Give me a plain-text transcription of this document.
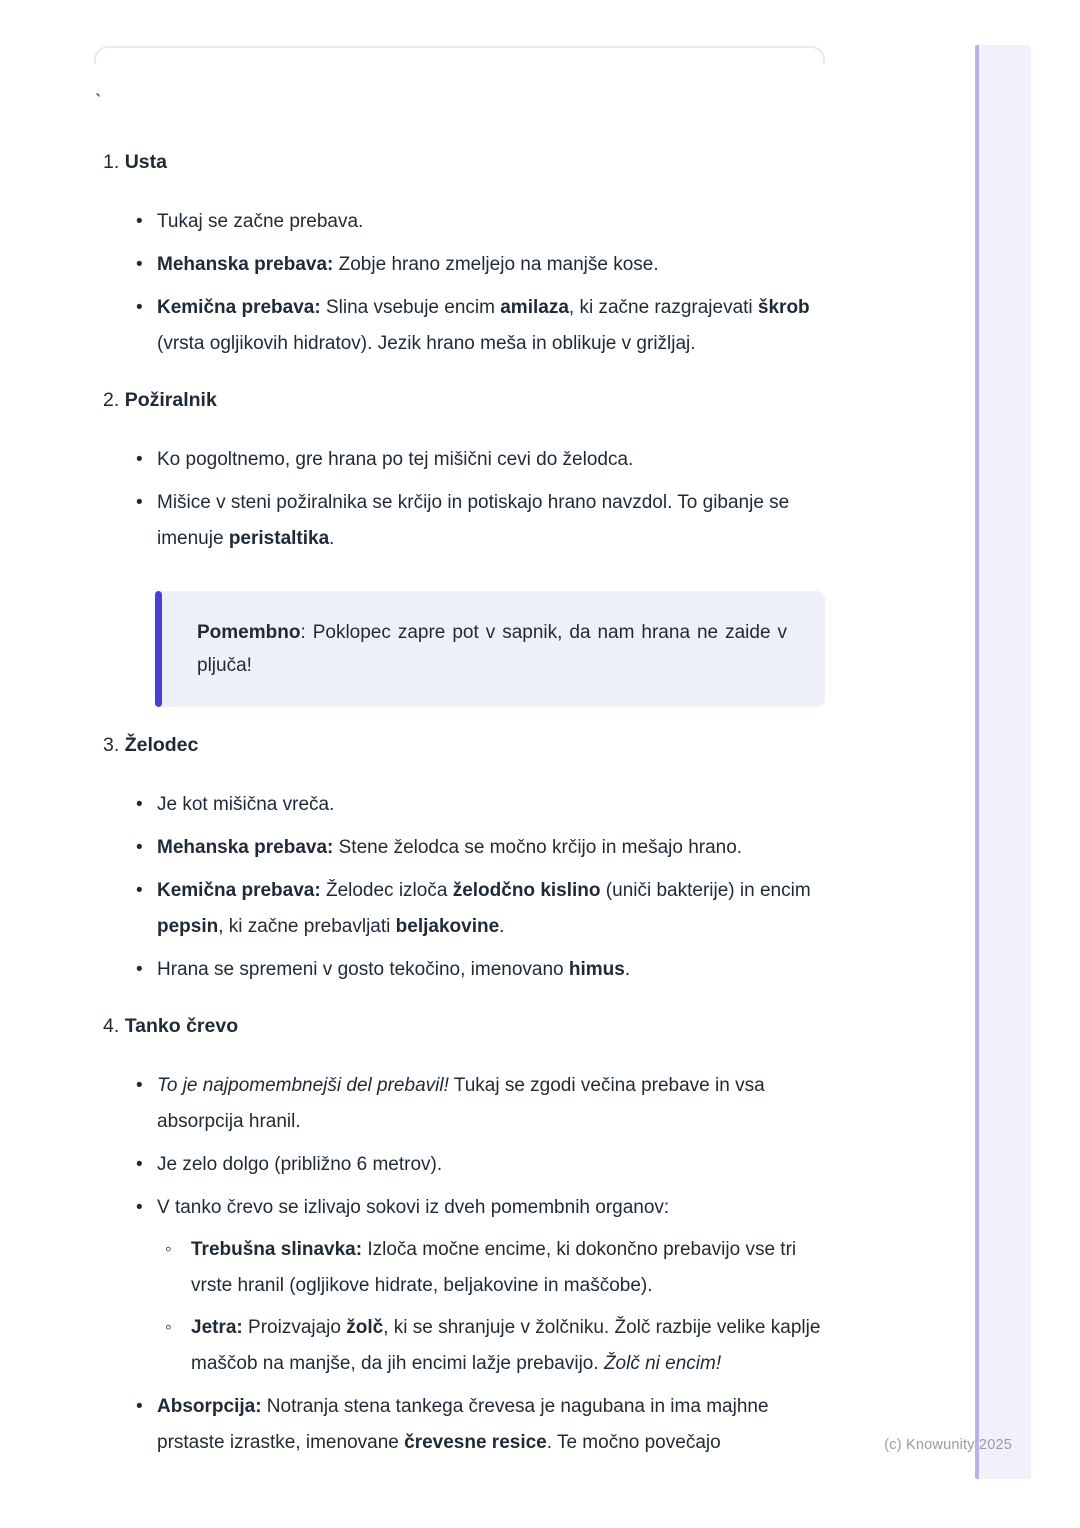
`
1. Usta
• Tukaj se začne prebava.
• Mehanska prebava: Zobje hrano zmeljejo na manjše kose.
• Kemična prebava: Slina vsebuje encim amilaza, ki začne razgrajevati škrob (vrsta ogljikovih hidratov). Jezik hrano meša in oblikuje v grižljaj.
2. Požiralnik
• Ko pogoltnemo, gre hrana po tej mišični cevi do želodca.
• Mišice v steni požiralnika se krčijo in potiskajo hrano navzdol. To gibanje se imenuje peristaltika.
Pomembno: Poklopec zapre pot v sapnik, da nam hrana ne zaide v pljuča!
3. Želodec
• Je kot mišična vreča.
• Mehanska prebava: Stene želodca se močno krčijo in mešajo hrano.
• Kemična prebava: Želodec izloča želodčno kislino (uniči bakterije) in encim pepsin, ki začne prebavljati beljakovine.
• Hrana se spremeni v gosto tekočino, imenovano himus.
4. Tanko črevo
• To je najpomembnejši del prebavil! Tukaj se zgodi večina prebave in vsa absorpcija hranil.
• Je zelo dolgo (približno 6 metrov).
• V tanko črevo se izlivajo sokovi iz dveh pomembnih organov:
◦ Trebušna slinavka: Izloča močne encime, ki dokončno prebavijo vse tri vrste hranil (ogljikove hidrate, beljakovine in maščobe).
◦ Jetra: Proizvajajo žolč, ki se shranjuje v žolčniku. Žolč razbije velike kaplje maščob na manjše, da jih encimi lažje prebavijo. Žolč ni encim!
• Absorpcija: Notranja stena tankega črevesa je nagubana in ima majhne prstaste izrastke, imenovane črevesne resice. Te močno povečajo	(c) Knowunity 2025
